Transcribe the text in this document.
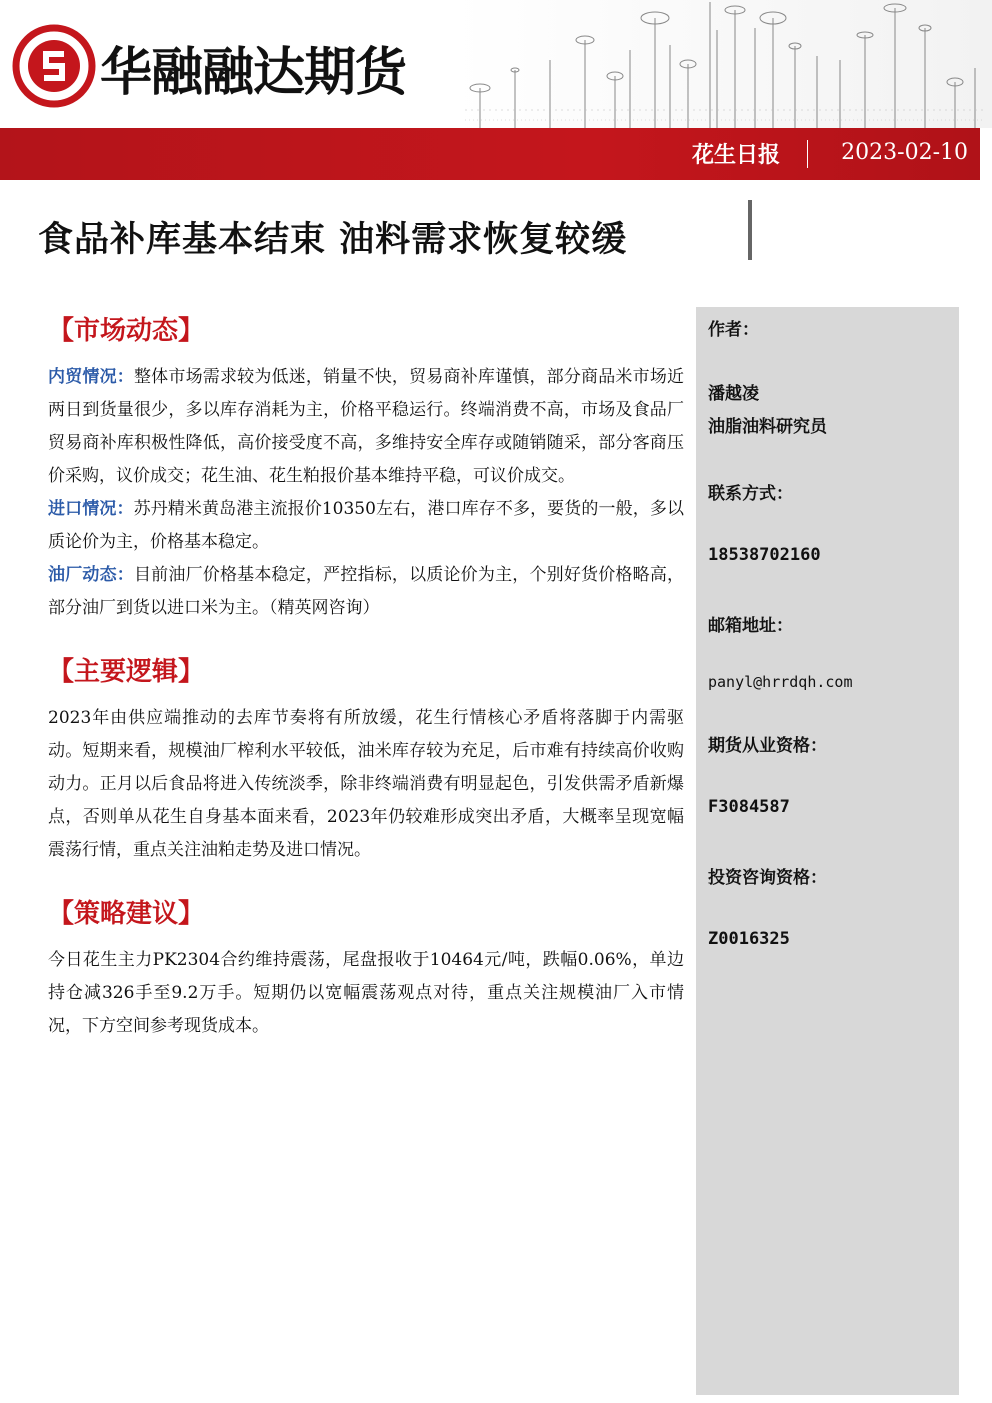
华融融达期货
花生日报	2023-02-10
食品补库基本结束 油料需求恢复较缓
【市场动态】

内贸情况：整体市场需求较为低迷，销量不快，贸易商补库谨慎，部分商品米市场近两日到货量很少，多以库存消耗为主，价格平稳运行。终端消费不高，市场及食品厂贸易商补库积极性降低，高价接受度不高，多维持安全库存或随销随采，部分客商压价采购，议价成交；花生油、花生粕报价基本维持平稳，可议价成交。

进口情况：苏丹精米黄岛港主流报价10350左右，港口库存不多，要货的一般，多以质论价为主，价格基本稳定。

油厂动态：目前油厂价格基本稳定，严控指标，以质论价为主，个别好货价格略高，部分油厂到货以进口米为主。（精英网咨询）

【主要逻辑】

2023年由供应端推动的去库节奏将有所放缓，花生行情核心矛盾将落脚于内需驱动。短期来看，规模油厂榨利水平较低，油米库存较为充足，后市难有持续高价收购动力。正月以后食品将进入传统淡季，除非终端消费有明显起色，引发供需矛盾新爆点，否则单从花生自身基本面来看，2023年仍较难形成突出矛盾，大概率呈现宽幅震荡行情，重点关注油粕走势及进口情况。

【策略建议】

今日花生主力PK2304合约维持震荡，尾盘报收于10464元/吨，跌幅0.06%，单边持仓减326手至9.2万手。短期仍以宽幅震荡观点对待，重点关注规模油厂入市情况，下方空间参考现货成本。

作者：
潘越凌
油脂油料研究员
联系方式：
18538702160
邮箱地址：
panyl@hrrdqh.com
期货从业资格：
F3084587
投资咨询资格：
Z0016325
